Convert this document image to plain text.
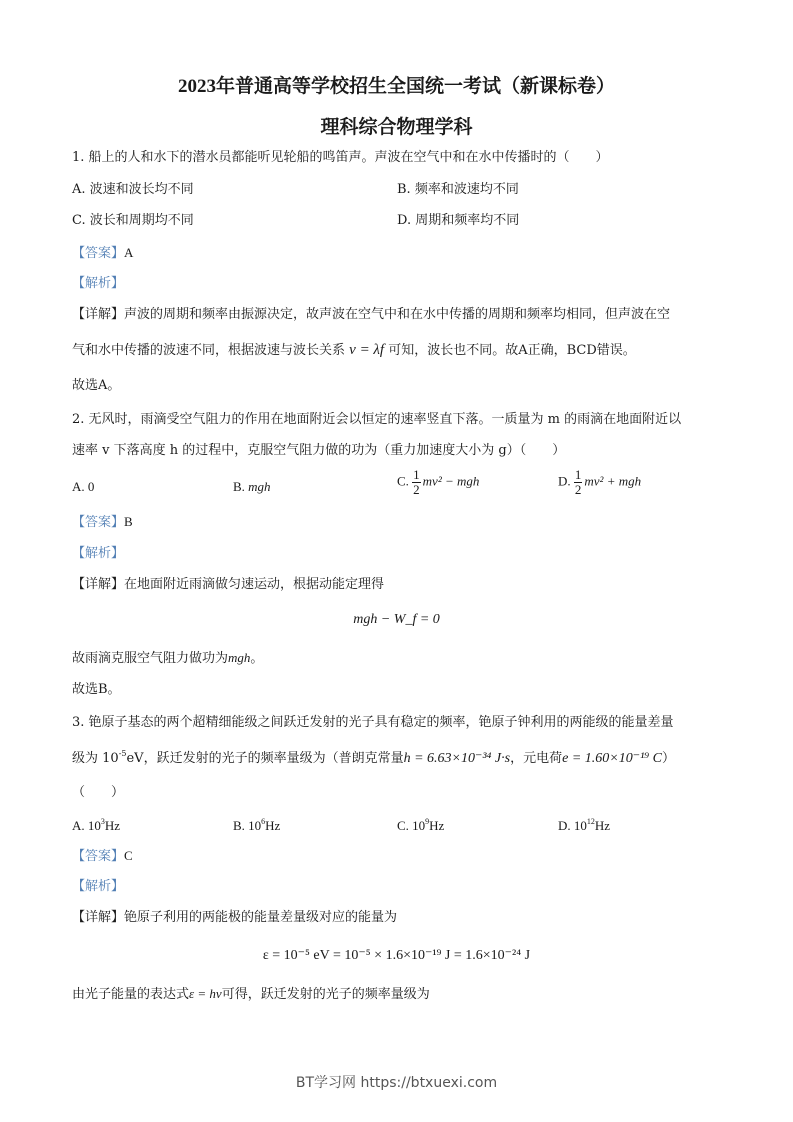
2023年普通高等学校招生全国统一考试（新课标卷）
理科综合物理学科
1. 船上的人和水下的潜水员都能听见轮船的鸣笛声。声波在空气中和在水中传播时的（　　）
A. 波速和波长均不同	B. 频率和波速均不同
C. 波长和周期均不同	D. 周期和频率均不同
【答案】A
【解析】
【详解】声波的周期和频率由振源决定，故声波在空气中和在水中传播的周期和频率均相同，但声波在空
气和水中传播的波速不同，根据波速与波长关系 v = λf 可知，波长也不同。故A正确，BCD错误。
故选A。
2. 无风时，雨滴受空气阻力的作用在地面附近会以恒定的速率竖直下落。一质量为 m 的雨滴在地面附近以
速率 v 下落高度 h 的过程中，克服空气阻力做的功为（重力加速度大小为 g）（　　）
A. 0	B. mgh	C. $\frac{1}{2} mv^2$ − mgh	D. $\frac{1}{2} mv^2$ + mgh
【答案】B
【解析】
【详解】在地面附近雨滴做匀速运动，根据动能定理得
mgh − W_f = 0
故雨滴克服空气阻力做功为mgh。
故选B。
3. 铯原子基态的两个超精细能级之间跃迁发射的光子具有稳定的频率，铯原子钟利用的两能级的能量差量
级为 $10^{-5}eV$，跃迁发射的光子的频率量级为（普朗克常量h = 6.63×10⁻³⁴ J·s，元电荷e = 1.60×10⁻¹⁹ C）
（　　）
A. $10^3Hz$	B. $10^6Hz$	C. $10^9Hz$	D. $10^{12}Hz$
【答案】C
【解析】
【详解】铯原子利用的两能极的能量差量级对应的能量为
ε = 10⁻⁵ eV = 10⁻⁵ × 1.6×10⁻¹⁹ J = 1.6×10⁻²⁴ J
由光子能量的表达式ε = hν可得，跃迁发射的光子的频率量级为
BT学习网 https://btxuexi.com
